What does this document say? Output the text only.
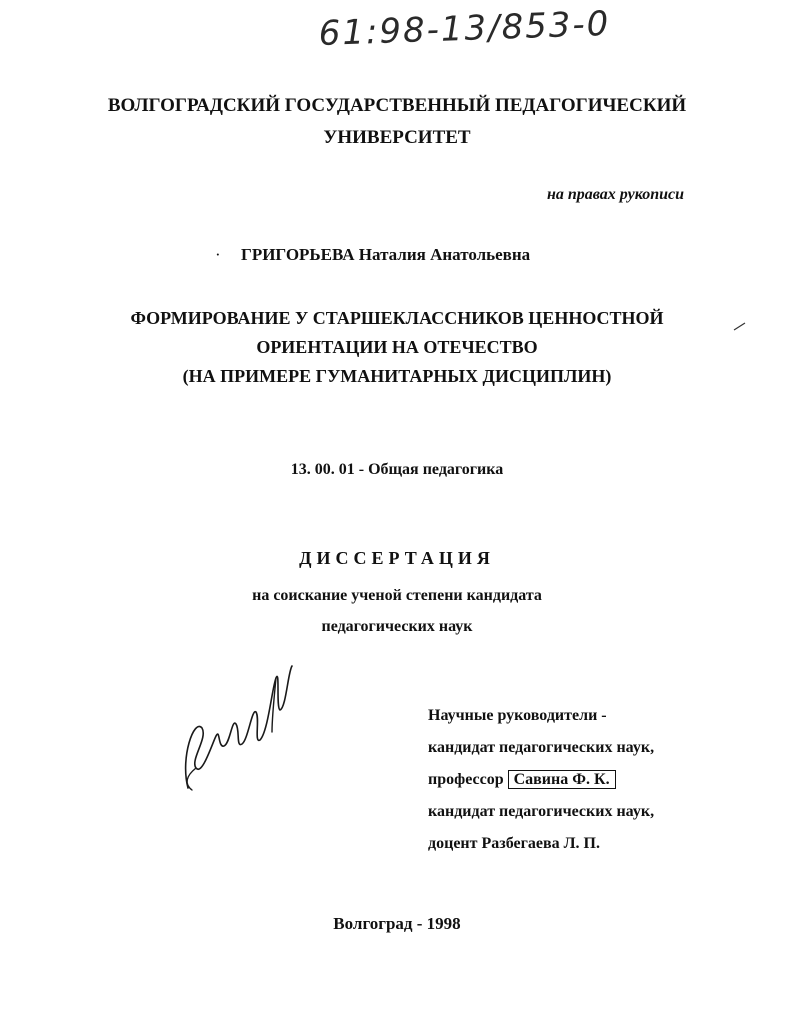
61:98-13/853-0
ВОЛГОГРАДСКИЙ ГОСУДАРСТВЕННЫЙ ПЕДАГОГИЧЕСКИЙ
УНИВЕРСИТЕТ
на правах рукописи
· ГРИГОРЬЕВА Наталия Анатольевна
ФОРМИРОВАНИЕ У СТАРШЕКЛАССНИКОВ ЦЕННОСТНОЙ
ОРИЕНТАЦИИ НА ОТЕЧЕСТВО
(НА ПРИМЕРЕ ГУМАНИТАРНЫХ ДИСЦИПЛИН)
13. 00. 01 - Общая педагогика
ДИССЕРТАЦИЯ
на соискание ученой степени кандидата
педагогических наук
Научные руководители -
кандидат педагогических наук,
профессор Савина Ф. К.
кандидат педагогических наук,
доцент Разбегаева Л. П.
Волгоград - 1998
